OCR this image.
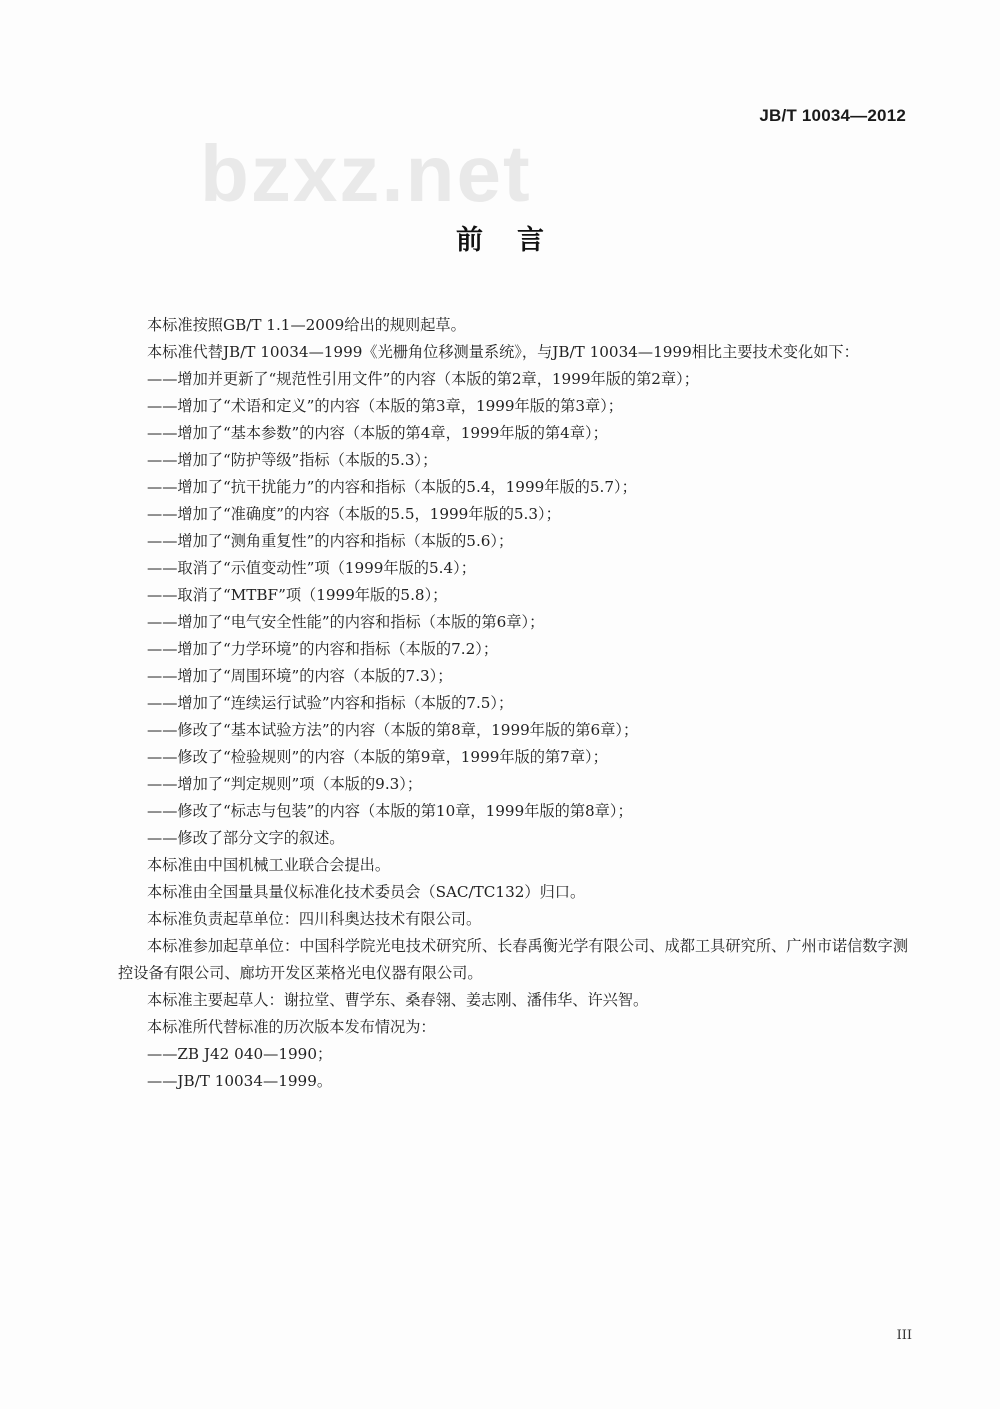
JB/T 10034—2012
bzxz.net
前言
本标准按照GB/T 1.1—2009给出的规则起草。
本标准代替JB/T 10034—1999《光栅角位移测量系统》，与JB/T 10034—1999相比主要技术变化如下：
——增加并更新了“规范性引用文件”的内容（本版的第2章，1999年版的第2章）；
——增加了“术语和定义”的内容（本版的第3章，1999年版的第3章）；
——增加了“基本参数”的内容（本版的第4章，1999年版的第4章）；
——增加了“防护等级”指标（本版的5.3）；
——增加了“抗干扰能力”的内容和指标（本版的5.4，1999年版的5.7）；
——增加了“准确度”的内容（本版的5.5，1999年版的5.3）；
——增加了“测角重复性”的内容和指标（本版的5.6）；
——取消了“示值变动性”项（1999年版的5.4）；
——取消了“MTBF”项（1999年版的5.8）；
——增加了“电气安全性能”的内容和指标（本版的第6章）；
——增加了“力学环境”的内容和指标（本版的7.2）；
——增加了“周围环境”的内容（本版的7.3）；
——增加了“连续运行试验”内容和指标（本版的7.5）；
——修改了“基本试验方法”的内容（本版的第8章，1999年版的第6章）；
——修改了“检验规则”的内容（本版的第9章，1999年版的第7章）；
——增加了“判定规则”项（本版的9.3）；
——修改了“标志与包装”的内容（本版的第10章，1999年版的第8章）；
——修改了部分文字的叙述。
本标准由中国机械工业联合会提出。
本标准由全国量具量仪标准化技术委员会（SAC/TC132）归口。
本标准负责起草单位：四川科奥达技术有限公司。
本标准参加起草单位：中国科学院光电技术研究所、长春禹衡光学有限公司、成都工具研究所、广州市诺信数字测控设备有限公司、廊坊开发区莱格光电仪器有限公司。
本标准主要起草人：谢拉堂、曹学东、桑春翎、姜志刚、潘伟华、许兴智。
本标准所代替标准的历次版本发布情况为：
——ZB J42 040—1990；
——JB/T 10034—1999。
III
